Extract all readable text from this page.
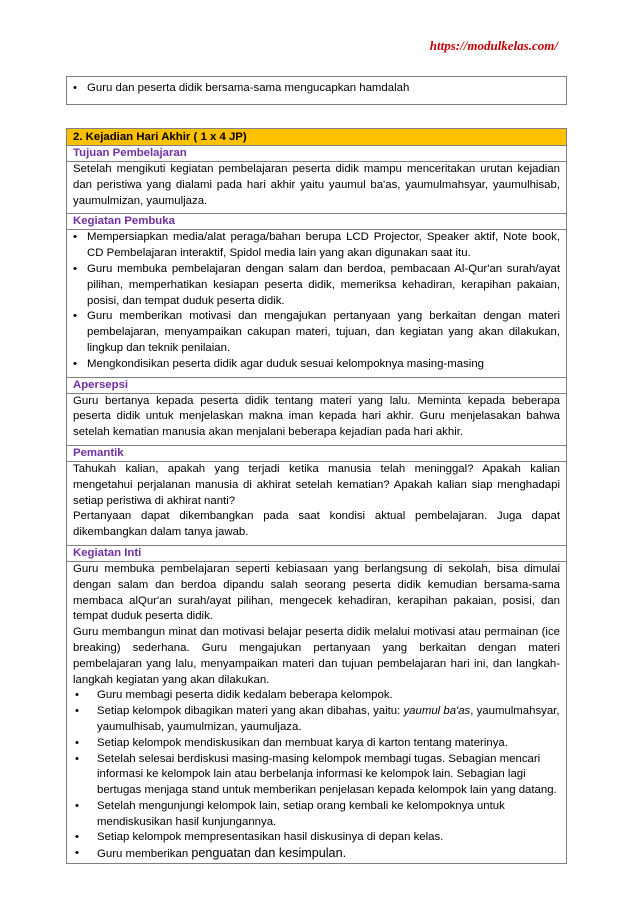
https://modulkelas.com/
• Guru dan peserta didik bersama-sama mengucapkan hamdalah
2. Kejadian Hari Akhir ( 1 x 4 JP)
Tujuan Pembelajaran
Setelah mengikuti kegiatan pembelajaran peserta didik mampu menceritakan urutan kejadian dan peristiwa yang dialami pada hari akhir yaitu yaumul ba'as, yaumulmahsyar, yaumulhisab, yaumulmizan, yaumuljaza.
Kegiatan Pembuka
• Mempersiapkan media/alat peraga/bahan berupa LCD Projector, Speaker aktif, Note book, CD Pembelajaran interaktif, Spidol media lain yang akan digunakan saat itu.
• Guru membuka pembelajaran dengan salam dan berdoa, pembacaan Al-Qur'an surah/ayat pilihan, memperhatikan kesiapan peserta didik, memeriksa kehadiran, kerapihan pakaian, posisi, dan tempat duduk peserta didik.
• Guru memberikan motivasi dan mengajukan pertanyaan yang berkaitan dengan materi pembelajaran, menyampaikan cakupan materi, tujuan, dan kegiatan yang akan dilakukan, lingkup dan teknik penilaian.
• Mengkondisikan peserta didik agar duduk sesuai kelompoknya masing-masing
Apersepsi
Guru bertanya kepada peserta didik tentang materi yang lalu. Meminta kepada beberapa peserta didik untuk menjelaskan makna iman kepada hari akhir. Guru menjelasakan bahwa setelah kematian manusia akan menjalani beberapa kejadian pada hari akhir.
Pemantik
Tahukah kalian, apakah yang terjadi ketika manusia telah meninggal? Apakah kalian mengetahui perjalanan manusia di akhirat setelah kematian? Apakah kalian siap menghadapi setiap peristiwa di akhirat nanti?
Pertanyaan dapat dikembangkan pada saat kondisi aktual pembelajaran. Juga dapat dikembangkan dalam tanya jawab.
Kegiatan Inti
Guru membuka pembelajaran seperti kebiasaan yang berlangsung di sekolah, bisa dimulai dengan salam dan berdoa dipandu salah seorang peserta didik kemudian bersama-sama membaca alQur'an surah/ayat pilihan, mengecek kehadiran, kerapihan pakaian, posisi, dan tempat duduk peserta didik.
Guru membangun minat dan motivasi belajar peserta didik melalui motivasi atau permainan (ice breaking) sederhana. Guru mengajukan pertanyaan yang berkaitan dengan materi pembelajaran yang lalu, menyampaikan materi dan tujuan pembelajaran hari ini, dan langkah-langkah kegiatan yang akan dilakukan.
• Guru membagi peserta didik kedalam beberapa kelompok.
• Setiap kelompok dibagikan materi yang akan dibahas, yaitu: yaumul ba'as, yaumulmahsyar, yaumulhisab, yaumulmizan, yaumuljaza.
• Setiap kelompok mendiskusikan dan membuat karya di karton tentang materinya.
• Setelah selesai berdiskusi masing-masing kelompok membagi tugas. Sebagian mencari informasi ke kelompok lain atau berbelanja informasi ke kelompok lain. Sebagian lagi bertugas menjaga stand untuk memberikan penjelasan kepada kelompok lain yang datang.
• Setelah mengunjungi kelompok lain, setiap orang kembali ke kelompoknya untuk mendiskusikan hasil kunjungannya.
• Setiap kelompok mempresentasikan hasil diskusinya di depan kelas.
• Guru memberikan penguatan dan kesimpulan.
